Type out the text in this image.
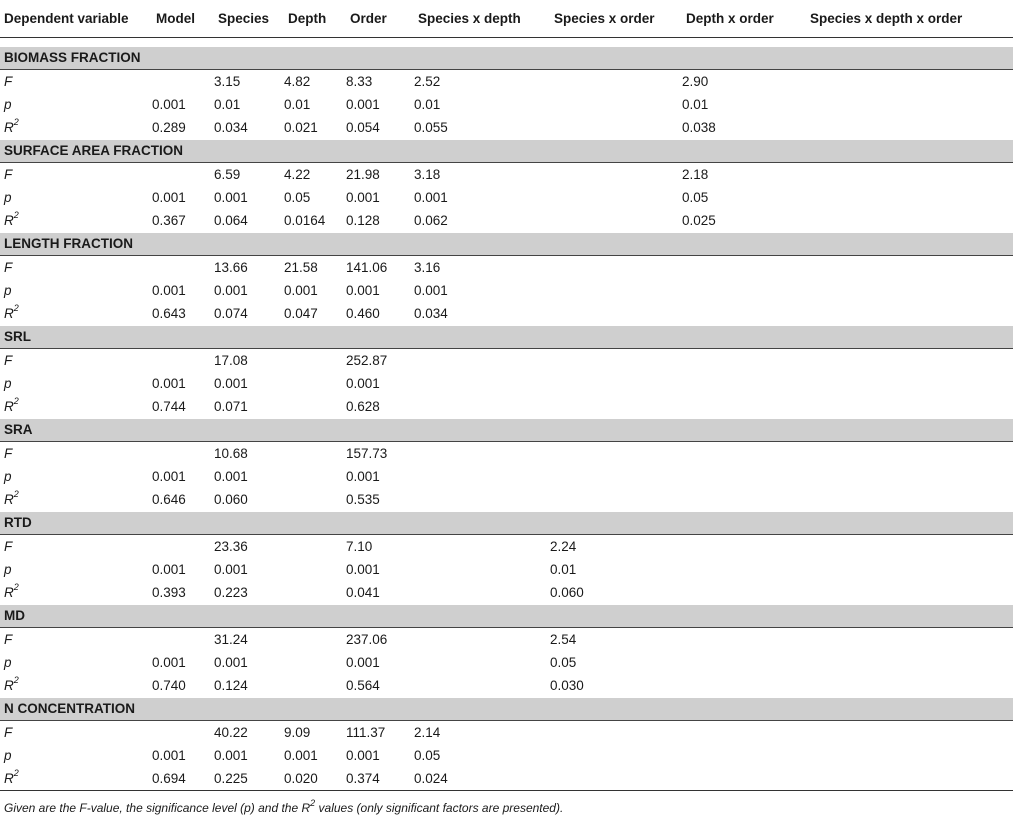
Dependent variable	Model	Species	Depth	Order	Species x depth	Species x order	Depth x order	Species x depth x order

BIOMASS FRACTION								
F		3.15	4.82	8.33	2.52		2.90	
p	0.001	0.01	0.01	0.001	0.01		0.01	
$R^2$	0.289	0.034	0.021	0.054	0.055		0.038	
SURFACE AREA FRACTION								
F		6.59	4.22	21.98	3.18		2.18	
p	0.001	0.001	0.05	0.001	0.001		0.05	
$R^2$	0.367	0.064	0.0164	0.128	0.062		0.025	
LENGTH FRACTION								
F		13.66	21.58	141.06	3.16			
p	0.001	0.001	0.001	0.001	0.001			
$R^2$	0.643	0.074	0.047	0.460	0.034			
SRL								
F		17.08		252.87				
p	0.001	0.001		0.001				
$R^2$	0.744	0.071		0.628				
SRA								
F		10.68		157.73				
p	0.001	0.001		0.001				
$R^2$	0.646	0.060		0.535				
RTD								
F		23.36		7.10		2.24		
p	0.001	0.001		0.001		0.01		
$R^2$	0.393	0.223		0.041		0.060		
MD								
F		31.24		237.06		2.54		
p	0.001	0.001		0.001		0.05		
$R^2$	0.740	0.124		0.564		0.030		
N CONCENTRATION								
F		40.22	9.09	111.37	2.14			
p	0.001	0.001	0.001	0.001	0.05			
$R^2$	0.694	0.225	0.020	0.374	0.024			
Given are the F-value, the significance level (p) and the $R^2$ values (only significant factors are presented).
